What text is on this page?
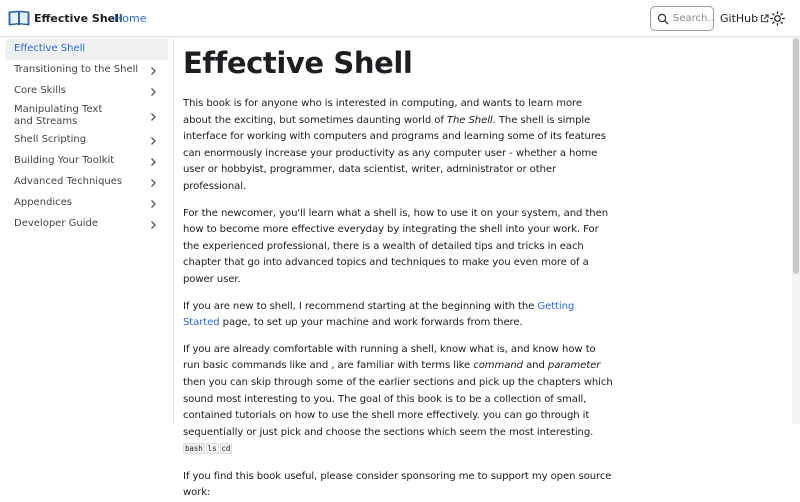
Effective Shell
Home
Search...	GitHub
Effective Shell
Transitioning to the Shell
Core Skills
Manipulating Text and Streams
Shell Scripting
Building Your Toolkit
Advanced Techniques
Appendices
Developer Guide
Effective Shell

This book is for anyone who is interested in computing, and wants to learn more about the exciting, but sometimes daunting world of The Shell. The shell is simple interface for working with computers and programs and learning some of its features can enormously increase your productivity as any computer user - whether a home user or hobbyist, programmer, data scientist, writer, administrator or other professional.

For the newcomer, you'll learn what a shell is, how to use it on your system, and then how to become more effective everyday by integrating the shell into your work. For the experienced professional, there is a wealth of detailed tips and tricks in each chapter that go into advanced topics and techniques to make you even more of a power user.

If you are new to shell, I recommend starting at the beginning with the Getting Started page, to set up your machine and work forwards from there.

If you are already comfortable with running a shell, know what is, and know how to run basic commands like and , are familiar with terms like command and parameter then you can skip through some of the earlier sections and pick up the chapters which sound most interesting to you. The goal of this book is to be a collection of small, contained tutorials on how to use the shell more effectively. you can go through it sequentially or just pick and choose the sections which seem the most interesting. bash ls cd

If you find this book useful, please consider sponsoring me to support my open source work:
